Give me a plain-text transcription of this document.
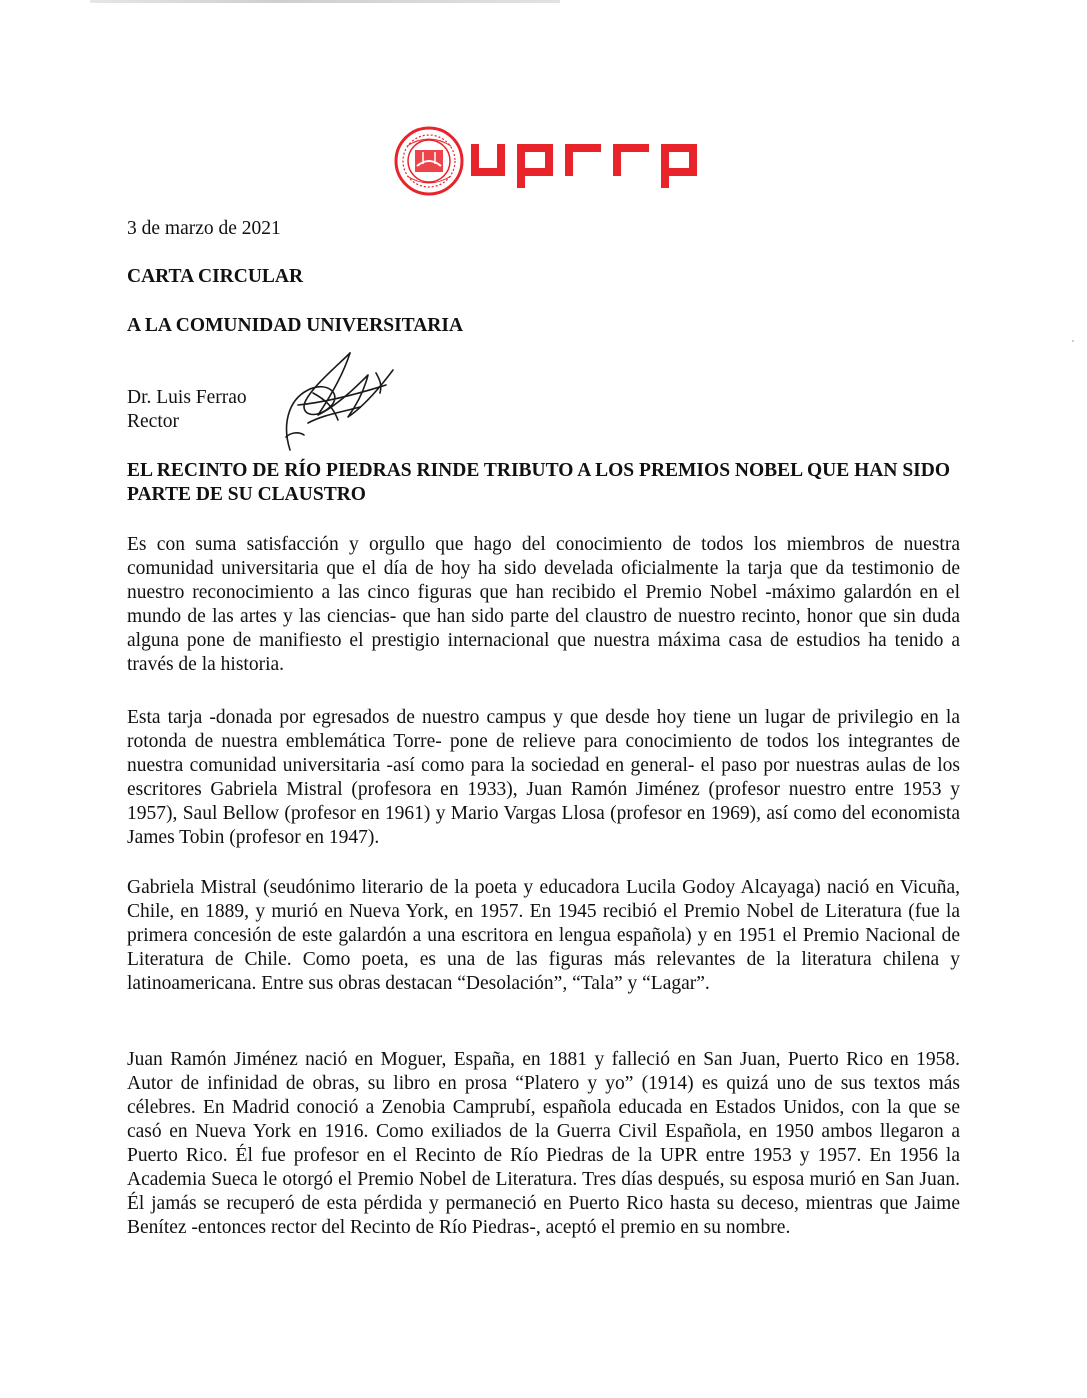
3 de marzo de 2021
CARTA CIRCULAR
A LA COMUNIDAD UNIVERSITARIA
Dr. Luis Ferrao
Rector
EL RECINTO DE RÍO PIEDRAS RINDE TRIBUTO A LOS PREMIOS NOBEL QUE HAN SIDO PARTE DE SU CLAUSTRO
Es con suma satisfacción y orgullo que hago del conocimiento de todos los miembros de nuestra comunidad universitaria que el día de hoy ha sido develada oficialmente la tarja que da testimonio de nuestro reconocimiento a las cinco figuras que han recibido el Premio Nobel -máximo galardón en el mundo de las artes y las ciencias- que han sido parte del claustro de nuestro recinto, honor que sin duda alguna pone de manifiesto el prestigio internacional que nuestra máxima casa de estudios ha tenido a través de la historia.
Esta tarja -donada por egresados de nuestro campus y que desde hoy tiene un lugar de privilegio en la rotonda de nuestra emblemática Torre- pone de relieve para conocimiento de todos los integrantes de nuestra comunidad universitaria -así como para la sociedad en general- el paso por nuestras aulas de los escritores Gabriela Mistral (profesora en 1933), Juan Ramón Jiménez (profesor nuestro entre 1953 y 1957), Saul Bellow (profesor en 1961) y Mario Vargas Llosa (profesor en 1969), así como del economista James Tobin (profesor en 1947).
Gabriela Mistral (seudónimo literario de la poeta y educadora Lucila Godoy Alcayaga) nació en Vicuña, Chile, en 1889, y murió en Nueva York, en 1957. En 1945 recibió el Premio Nobel de Literatura (fue la primera concesión de este galardón a una escritora en lengua española) y en 1951 el Premio Nacional de Literatura de Chile. Como poeta, es una de las figuras más relevantes de la literatura chilena y latinoamericana. Entre sus obras destacan “Desolación”, “Tala” y “Lagar”.
Juan Ramón Jiménez nació en Moguer, España, en 1881 y falleció en San Juan, Puerto Rico en 1958. Autor de infinidad de obras, su libro en prosa “Platero y yo” (1914) es quizá uno de sus textos más célebres. En Madrid conoció a Zenobia Camprubí, española educada en Estados Unidos, con la que se casó en Nueva York en 1916. Como exiliados de la Guerra Civil Española, en 1950 ambos llegaron a Puerto Rico. Él fue profesor en el Recinto de Río Piedras de la UPR entre 1953 y 1957. En 1956 la Academia Sueca le otorgó el Premio Nobel de Literatura. Tres días después, su esposa murió en San Juan. Él jamás se recuperó de esta pérdida y permaneció en Puerto Rico hasta su deceso, mientras que Jaime Benítez -entonces rector del Recinto de Río Piedras-, aceptó el premio en su nombre.
